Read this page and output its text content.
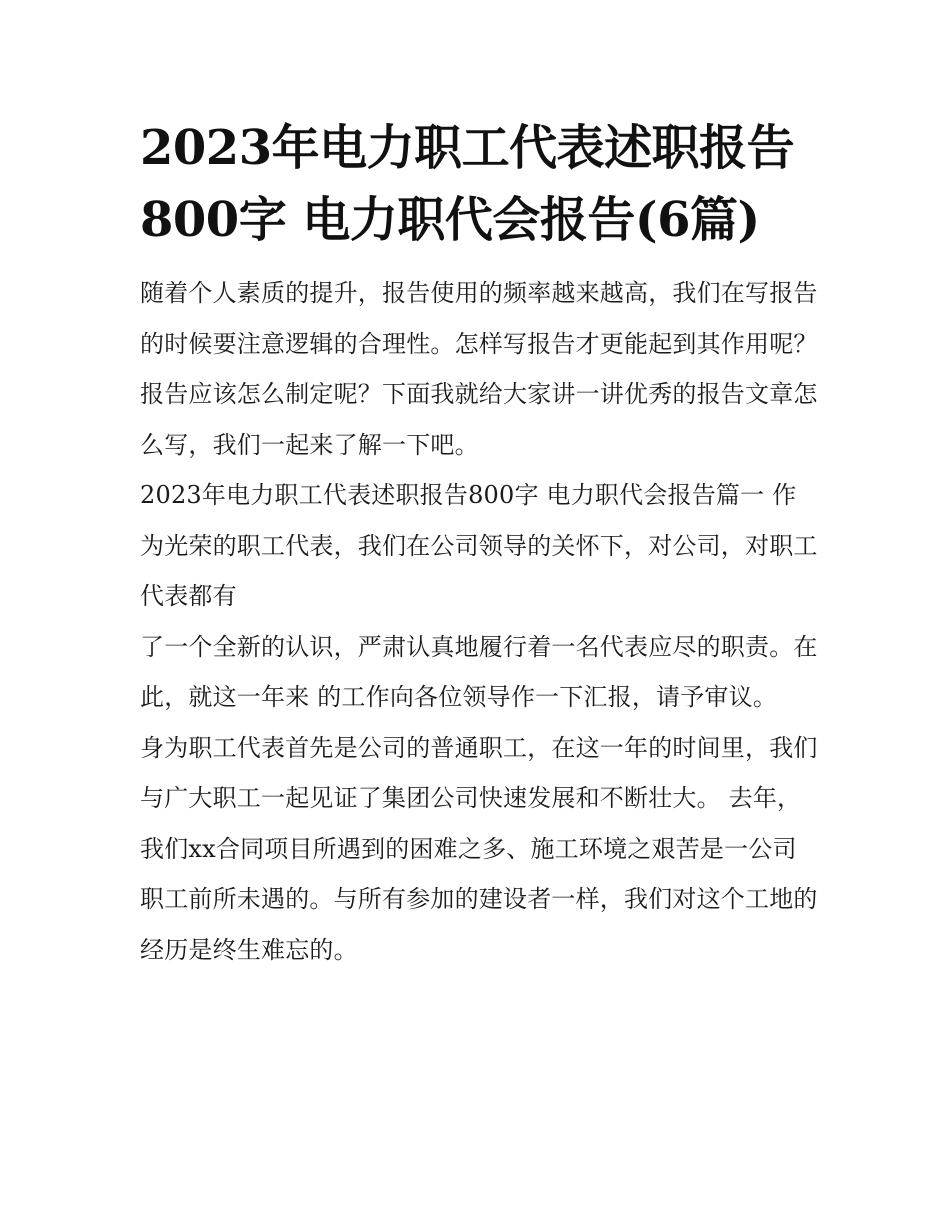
2023年电力职工代表述职报告800字 电力职代会报告(6篇)

随着个人素质的提升，报告使用的频率越来越高，我们在写报告的时候要注意逻辑的合理性。怎样写报告才更能起到其作用呢？报告应该怎么制定呢？下面我就给大家讲一讲优秀的报告文章怎么写，我们一起来了解一下吧。

2023年电力职工代表述职报告800字 电力职代会报告篇一 作为光荣的职工代表，我们在公司领导的关怀下，对公司，对职工代表都有

了一个全新的认识，严肃认真地履行着一名代表应尽的职责。在此，就这一年来 的工作向各位领导作一下汇报，请予审议。

身为职工代表首先是公司的普通职工，在这一年的时间里，我们与广大职工一起见证了集团公司快速发展和不断壮大。 去年，

我们xx合同项目所遇到的困难之多、施工环境之艰苦是一公司职工前所未遇的。与所有参加的建设者一样，我们对这个工地的经历是终生难忘的。
